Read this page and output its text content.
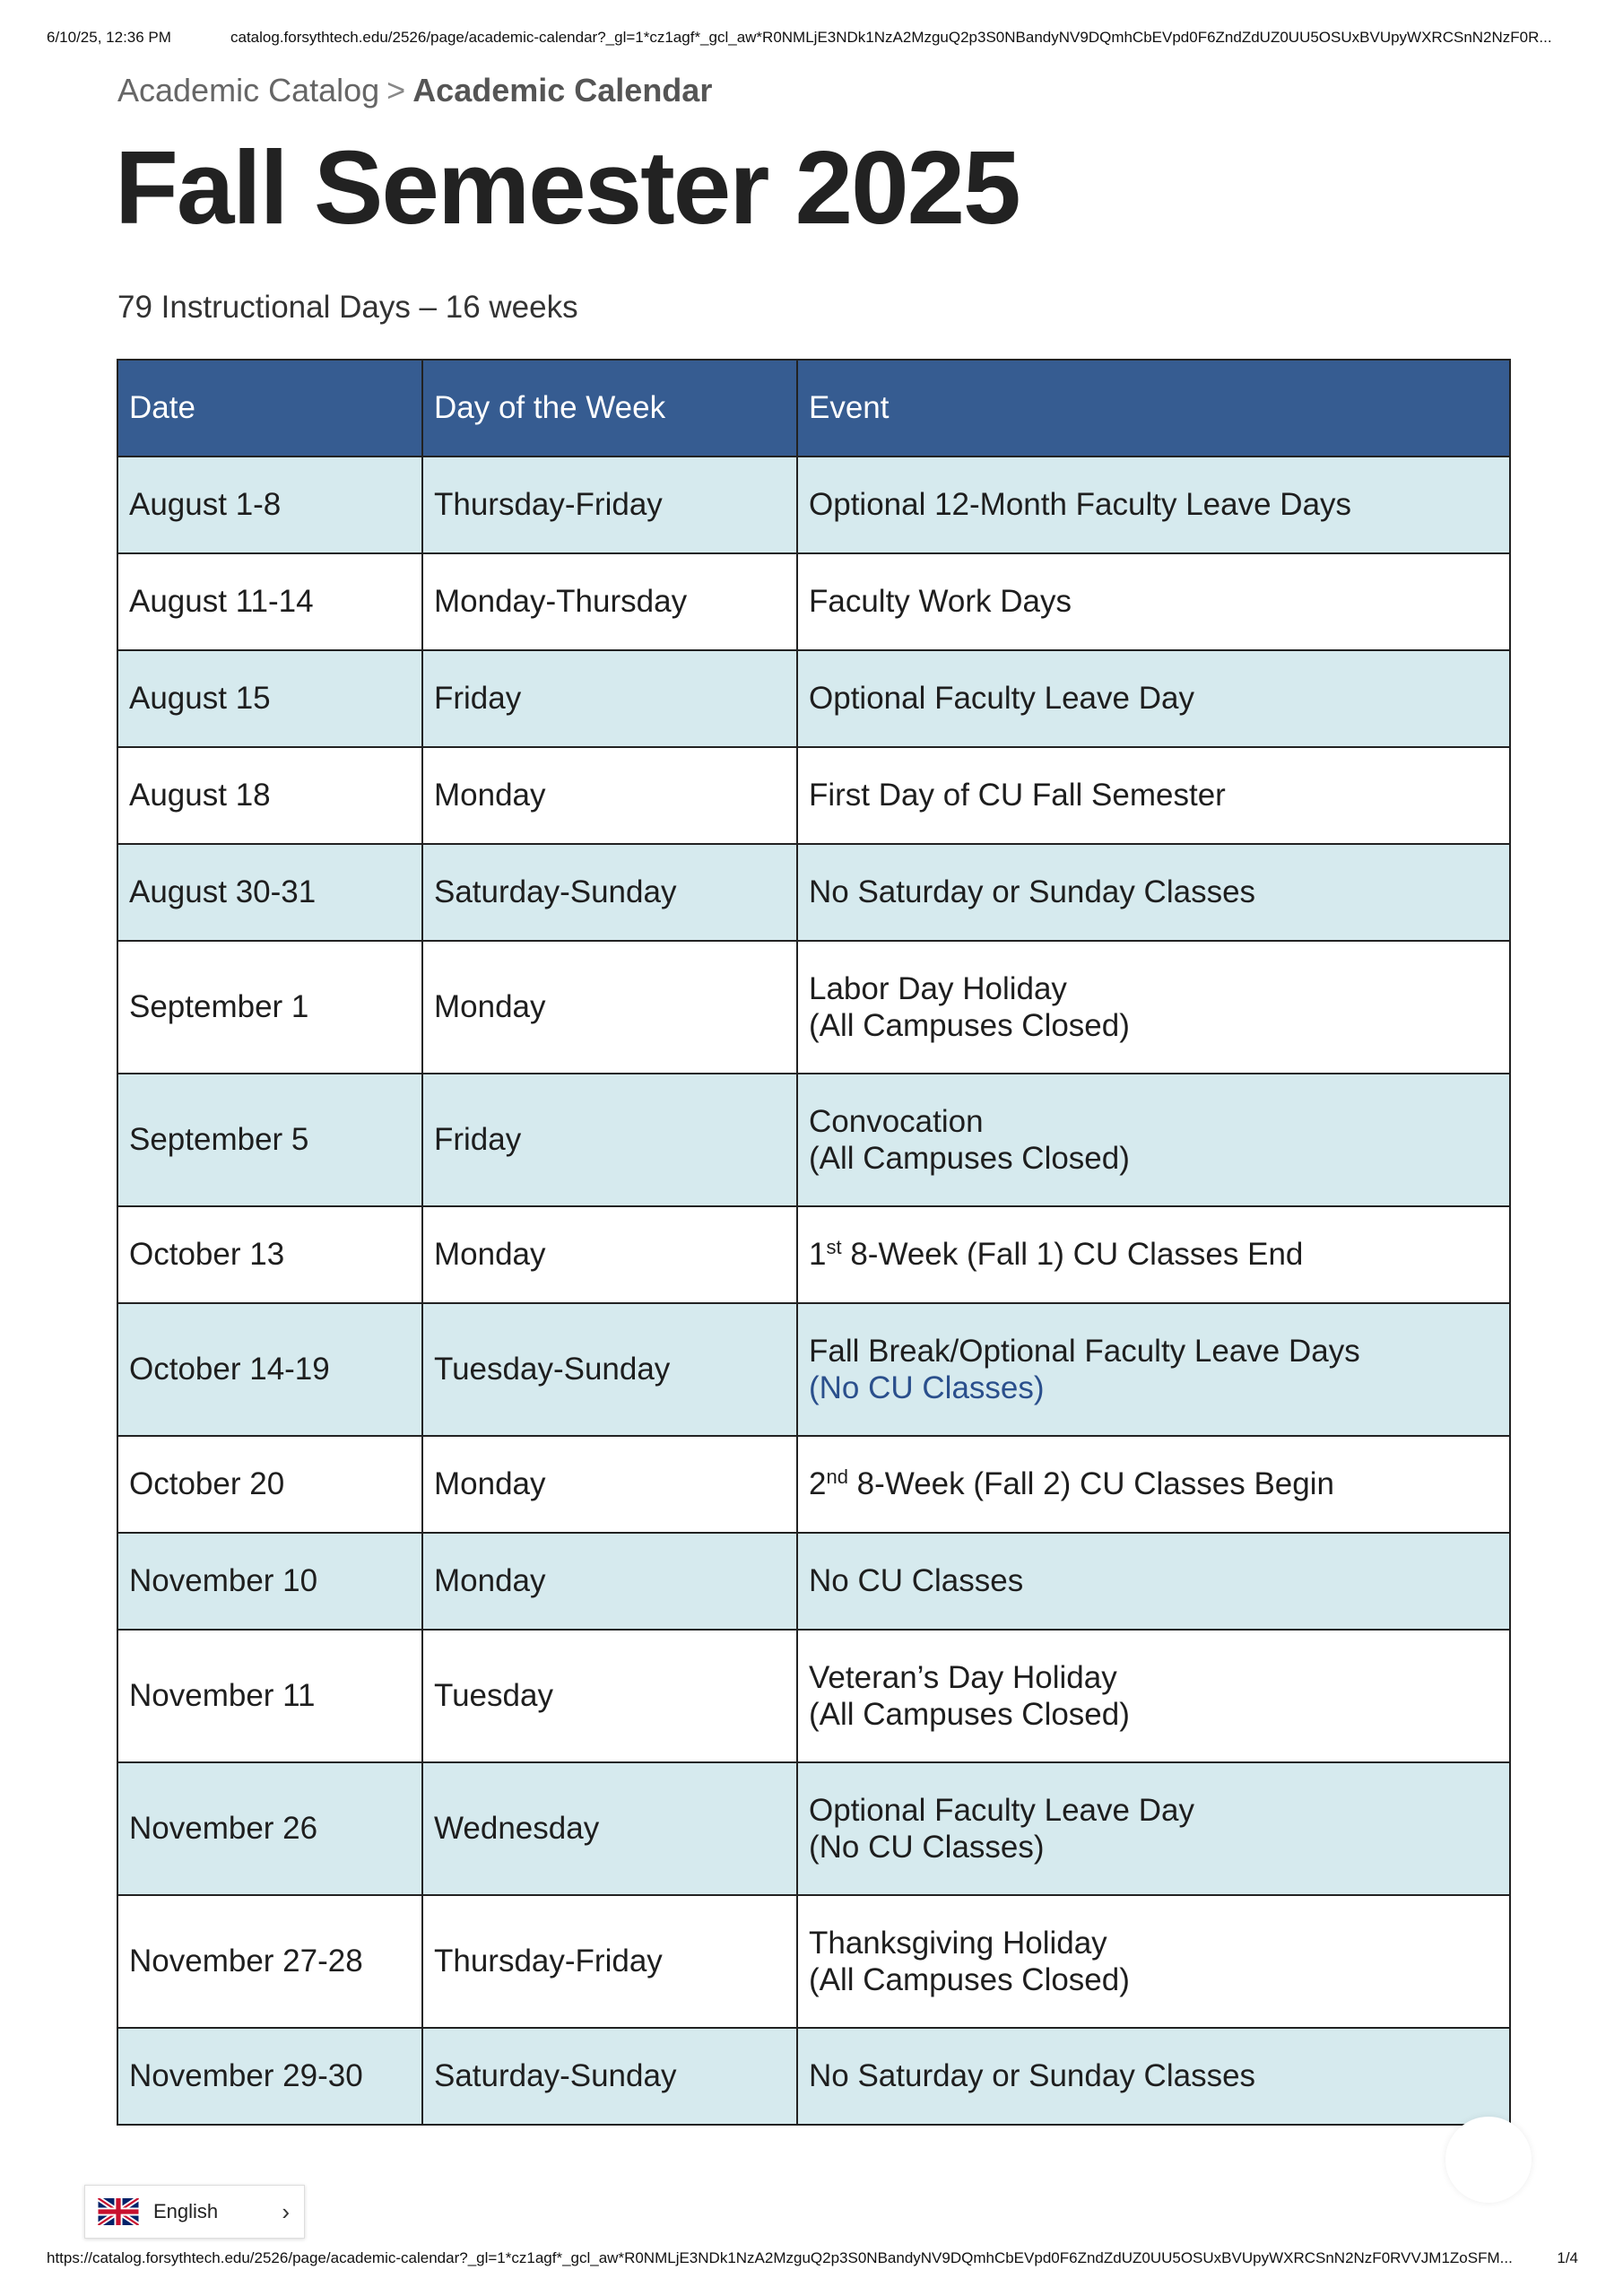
6/10/25, 12:36 PM	catalog.forsythtech.edu/2526/page/academic-calendar?_gl=1*cz1agf*_gcl_aw*R0NMLjE3NDk1NzA2MzguQ2p3S0NBandyNV9DQmhCbEVpd0F6ZndZdUZ0UU5OSUxBVUpyWXRCSnN2NzF0R...
Academic Catalog > Academic Calendar
Fall Semester 2025
79 Instructional Days – 16 weeks
Date	Day of the Week	Event
August 1-8	Thursday-Friday	Optional 12-Month Faculty Leave Days
August 11-14	Monday-Thursday	Faculty Work Days
August 15	Friday	Optional Faculty Leave Day
August 18	Monday	First Day of CU Fall Semester
August 30-31	Saturday-Sunday	No Saturday or Sunday Classes
September 1	Monday	Labor Day Holiday
(All Campuses Closed)

September 5	Friday	Convocation
(All Campuses Closed)

October 13	Monday	1st 8-Week (Fall 1) CU Classes End
October 14-19	Tuesday-Sunday	Fall Break/Optional Faculty Leave Days
(No CU Classes)

October 20	Monday	2nd 8-Week (Fall 2) CU Classes Begin
November 10	Monday	No CU Classes
November 11	Tuesday	Veteran’s Day Holiday
(All Campuses Closed)

November 26	Wednesday	Optional Faculty Leave Day
(No CU Classes)

November 27-28	Thursday-Friday	Thanksgiving Holiday
(All Campuses Closed)

November 29-30	Saturday-Sunday	No Saturday or Sunday Classes
English	›
https://catalog.forsythtech.edu/2526/page/academic-calendar?_gl=1*cz1agf*_gcl_aw*R0NMLjE3NDk1NzA2MzguQ2p3S0NBandyNV9DQmhCbEVpd0F6ZndZdUZ0UU5OSUxBVUpyWXRCSnN2NzF0RVVJM1ZoSFM...	1/4
